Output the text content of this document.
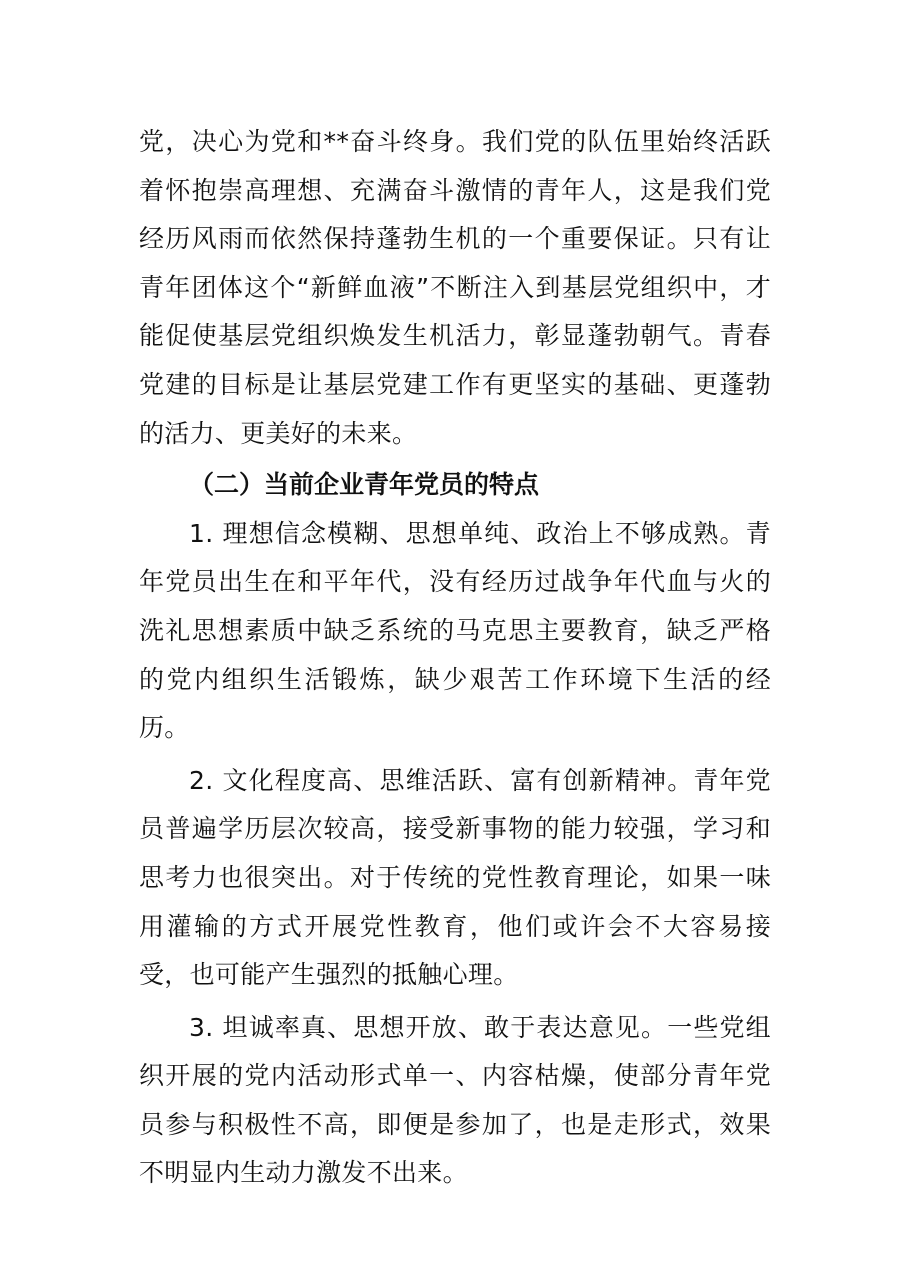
党，决心为党和**奋斗终身。我们党的队伍里始终活跃着怀抱崇高理想、充满奋斗激情的青年人，这是我们党经历风雨而依然保持蓬勃生机的一个重要保证。只有让青年团体这个“新鲜血液”不断注入到基层党组织中，才能促使基层党组织焕发生机活力，彰显蓬勃朝气。青春党建的目标是让基层党建工作有更坚实的基础、更蓬勃的活力、更美好的未来。

（二）当前企业青年党员的特点

1. 理想信念模糊、思想单纯、政治上不够成熟。青年党员出生在和平年代，没有经历过战争年代血与火的洗礼思想素质中缺乏系统的马克思主要教育，缺乏严格的党内组织生活锻炼，缺少艰苦工作环境下生活的经历。

2. 文化程度高、思维活跃、富有创新精神。青年党员普遍学历层次较高，接受新事物的能力较强，学习和思考力也很突出。对于传统的党性教育理论，如果一味用灌输的方式开展党性教育，他们或许会不大容易接受，也可能产生强烈的抵触心理。

3. 坦诚率真、思想开放、敢于表达意见。一些党组织开展的党内活动形式单一、内容枯燥，使部分青年党员参与积极性不高，即便是参加了，也是走形式，效果不明显内生动力激发不出来。
